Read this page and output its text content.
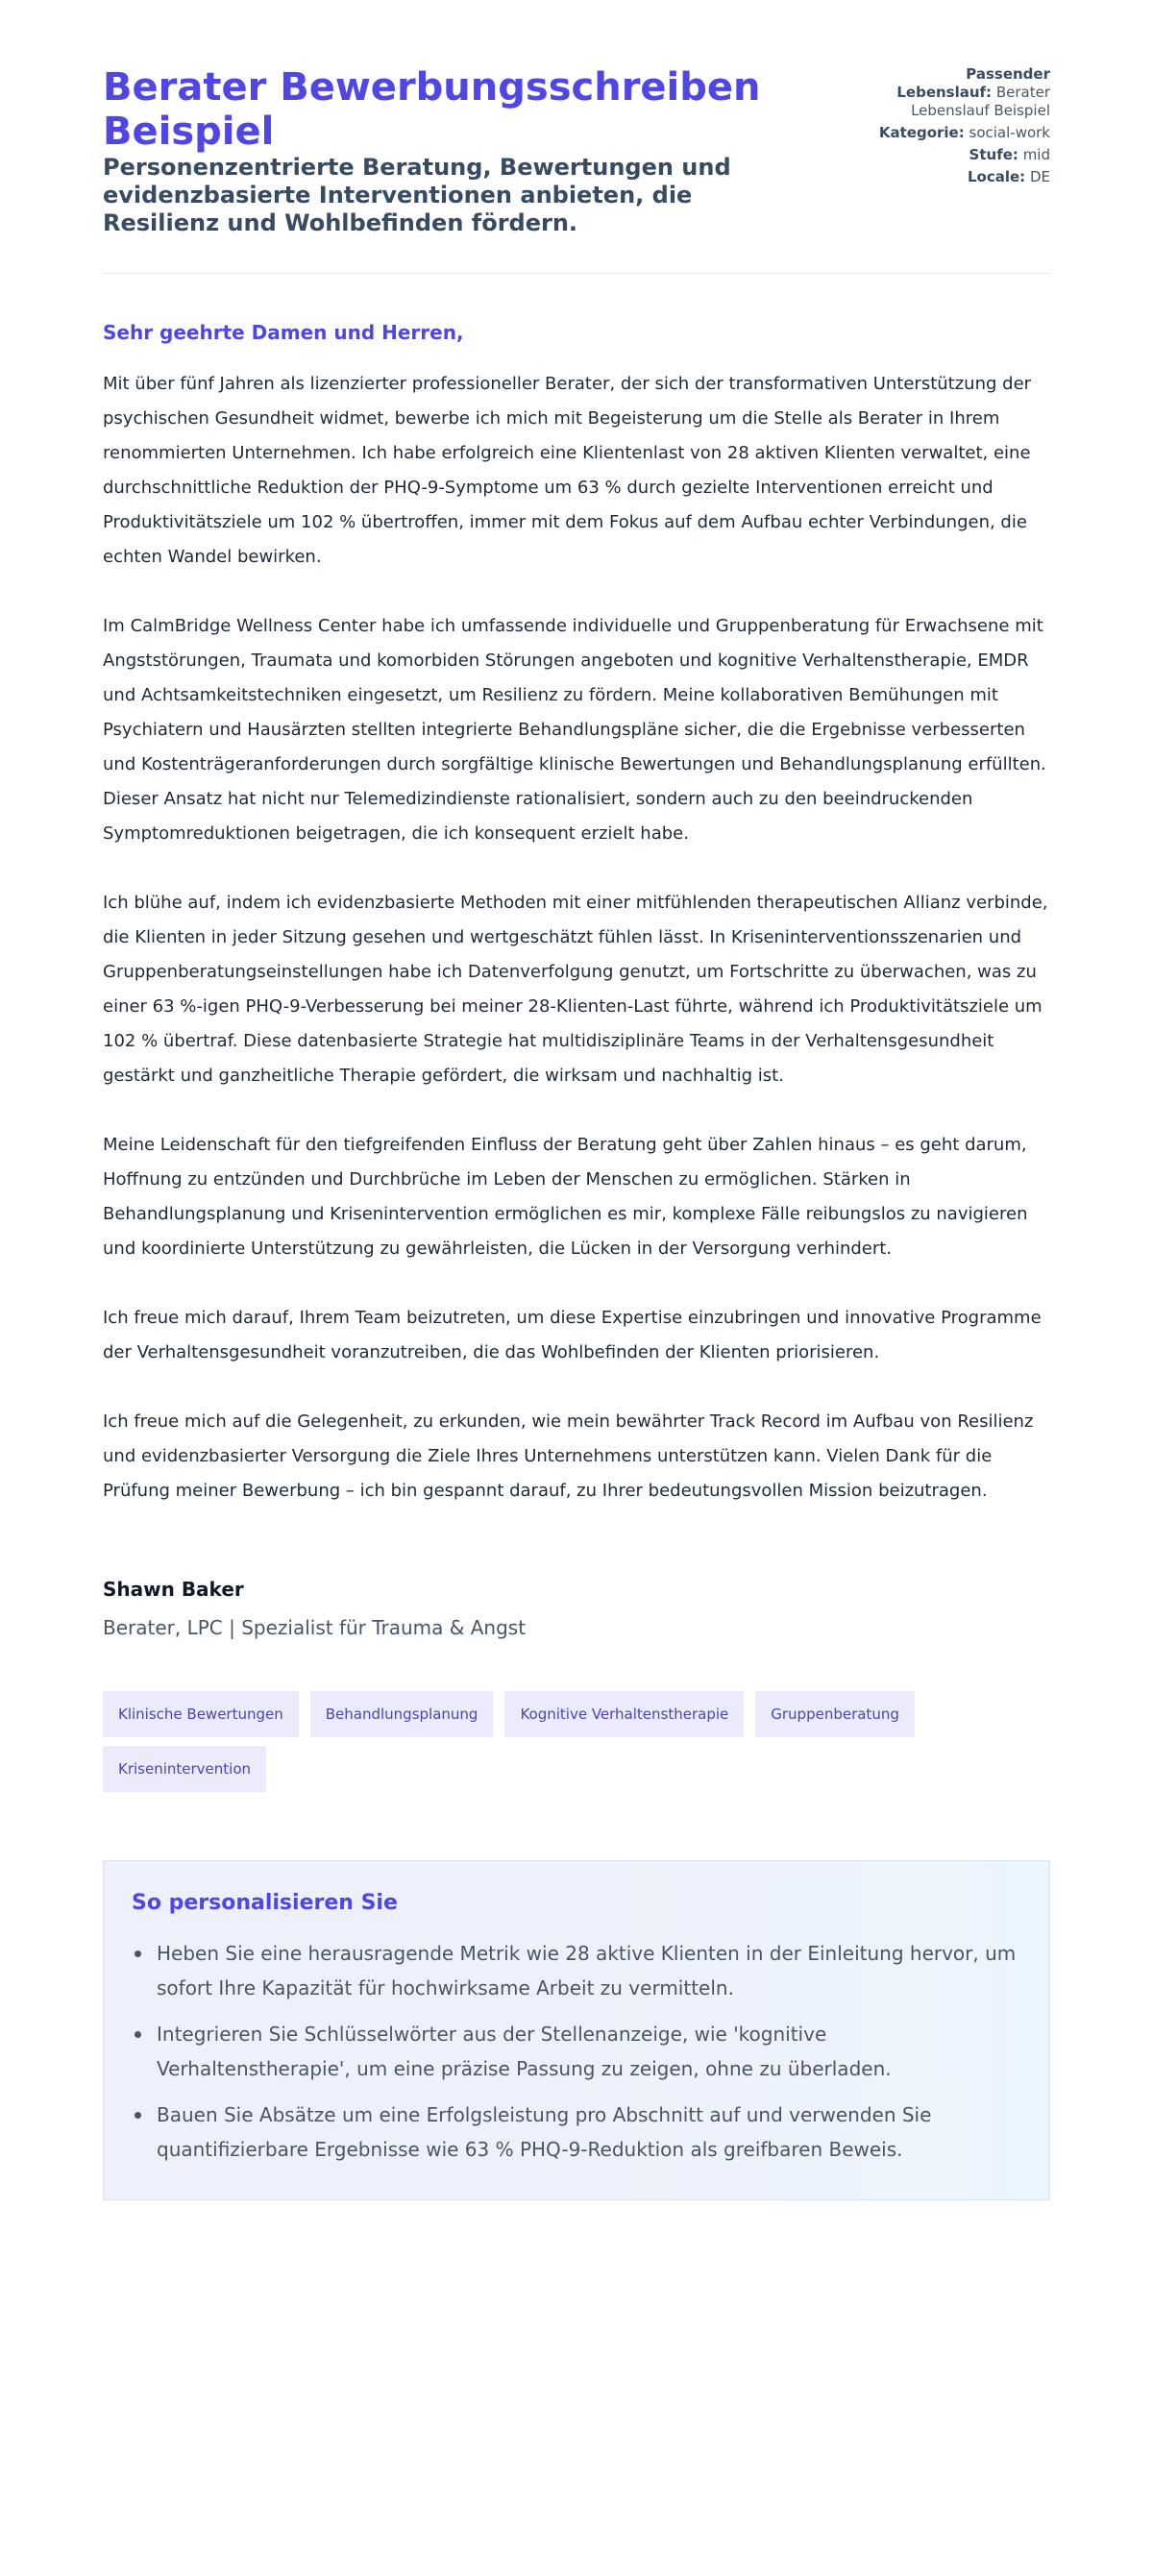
Berater Bewerbungsschreiben Beispiel
Personenzentrierte Beratung, Bewertungen und evidenzbasierte Interventionen anbieten, die Resilienz und Wohlbefinden fördern.
Passender Lebenslauf: Berater Lebenslauf Beispiel
Kategorie: social-work
Stufe: mid
Locale: DE

Sehr geehrte Damen und Herren,

Mit über fünf Jahren als lizenzierter professioneller Berater, der sich der transformativen Unterstützung der psychischen Gesundheit widmet, bewerbe ich mich mit Begeisterung um die Stelle als Berater in Ihrem renommierten Unternehmen. Ich habe erfolgreich eine Klientenlast von 28 aktiven Klienten verwaltet, eine durchschnittliche Reduktion der PHQ-9-Symptome um 63 % durch gezielte Interventionen erreicht und Produktivitätsziele um 102 % übertroffen, immer mit dem Fokus auf dem Aufbau echter Verbindungen, die echten Wandel bewirken.

Im CalmBridge Wellness Center habe ich umfassende individuelle und Gruppenberatung für Erwachsene mit Angststörungen, Traumata und komorbiden Störungen angeboten und kognitive Verhaltenstherapie, EMDR und Achtsamkeitstechniken eingesetzt, um Resilienz zu fördern. Meine kollaborativen Bemühungen mit Psychiatern und Hausärzten stellten integrierte Behandlungspläne sicher, die die Ergebnisse verbesserten und Kostenträgeranforderungen durch sorgfältige klinische Bewertungen und Behandlungsplanung erfüllten. Dieser Ansatz hat nicht nur Telemedizindienste rationalisiert, sondern auch zu den beeindruckenden Symptomreduktionen beigetragen, die ich konsequent erzielt habe.

Ich blühe auf, indem ich evidenzbasierte Methoden mit einer mitfühlenden therapeutischen Allianz verbinde, die Klienten in jeder Sitzung gesehen und wertgeschätzt fühlen lässt. In Kriseninterventionsszenarien und Gruppenberatungseinstellungen habe ich Datenverfolgung genutzt, um Fortschritte zu überwachen, was zu einer 63 %-igen PHQ-9-Verbesserung bei meiner 28-Klienten-Last führte, während ich Produktivitätsziele um 102 % übertraf. Diese datenbasierte Strategie hat multidisziplinäre Teams in der Verhaltensgesundheit gestärkt und ganzheitliche Therapie gefördert, die wirksam und nachhaltig ist.

Meine Leidenschaft für den tiefgreifenden Einfluss der Beratung geht über Zahlen hinaus – es geht darum, Hoffnung zu entzünden und Durchbrüche im Leben der Menschen zu ermöglichen. Stärken in Behandlungsplanung und Krisenintervention ermöglichen es mir, komplexe Fälle reibungslos zu navigieren und koordinierte Unterstützung zu gewährleisten, die Lücken in der Versorgung verhindert.

Ich freue mich darauf, Ihrem Team beizutreten, um diese Expertise einzubringen und innovative Programme der Verhaltensgesundheit voranzutreiben, die das Wohlbefinden der Klienten priorisieren.

Ich freue mich auf die Gelegenheit, zu erkunden, wie mein bewährter Track Record im Aufbau von Resilienz und evidenzbasierter Versorgung die Ziele Ihres Unternehmens unterstützen kann. Vielen Dank für die Prüfung meiner Bewerbung – ich bin gespannt darauf, zu Ihrer bedeutungsvollen Mission beizutragen.

Shawn Baker
Berater, LPC | Spezialist für Trauma & Angst
Klinische Bewertungen	Behandlungsplanung	Kognitive Verhaltenstherapie	Gruppenberatung
Krisenintervention
So personalisieren Sie
Heben Sie eine herausragende Metrik wie 28 aktive Klienten in der Einleitung hervor, um sofort Ihre Kapazität für hochwirksame Arbeit zu vermitteln.
Integrieren Sie Schlüsselwörter aus der Stellenanzeige, wie 'kognitive Verhaltenstherapie', um eine präzise Passung zu zeigen, ohne zu überladen.
Bauen Sie Absätze um eine Erfolgsleistung pro Abschnitt auf und verwenden Sie quantifizierbare Ergebnisse wie 63 % PHQ-9-Reduktion als greifbaren Beweis.
